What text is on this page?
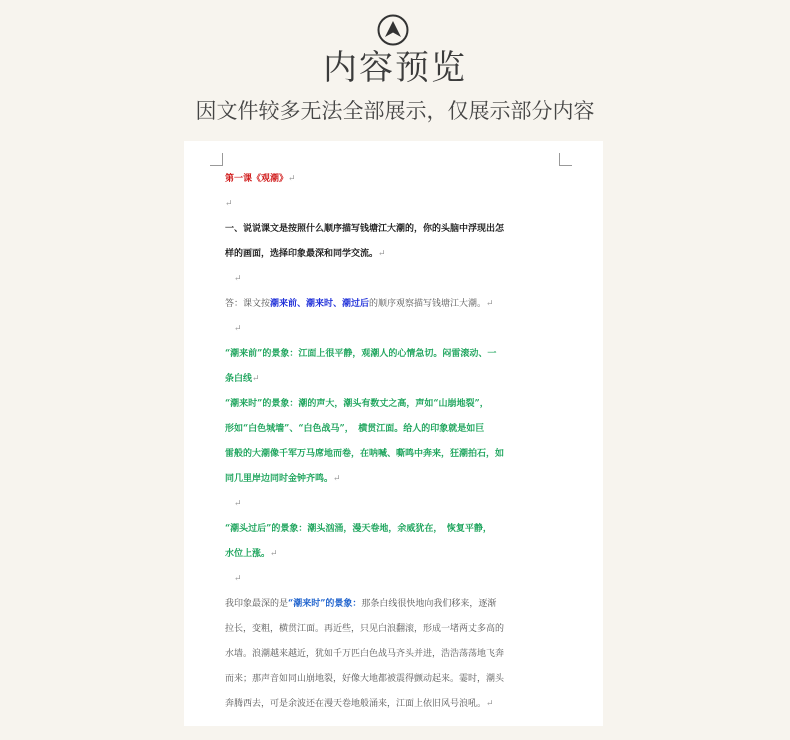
内容预览
因文件较多无法全部展示，仅展示部分内容
第一课《观潮》↵
↵
一、说说课文是按照什么顺序描写钱塘江大潮的，你的头脑中浮现出怎
样的画面，选择印象最深和同学交流。↵
↵
答：课文按潮来前、潮来时、潮过后的顺序观察描写钱塘江大潮。↵
↵
“潮来前”的景象：江面上很平静，观潮人的心情急切。闷雷滚动、一
条白线↵
“潮来时”的景象：潮的声大，潮头有数丈之高，声如“山崩地裂”，
形如“白色城墙”、“白色战马”，　横贯江面。给人的印象就是如巨
雷般的大潮像千军万马席地而卷，在呐喊、嘶鸣中奔来，狂潮拍石，如
同几里岸边同时金钟齐鸣。↵
↵
“潮头过后”的景象：潮头汹涌，漫天卷地，余威犹在，　恢复平静，
水位上涨。↵
↵
我印象最深的是“潮来时”的景象：那条白线很快地向我们移来，逐渐
拉长，变粗，横贯江面。再近些，只见白浪翻滚，形成一堵两丈多高的
水墙。浪潮越来越近，犹如千万匹白色战马齐头并进，浩浩荡荡地飞奔
而来；那声音如同山崩地裂，好像大地都被震得颤动起来。霎时，潮头
奔腾西去，可是余波还在漫天卷地般涌来，江面上依旧风号浪吼。↵
